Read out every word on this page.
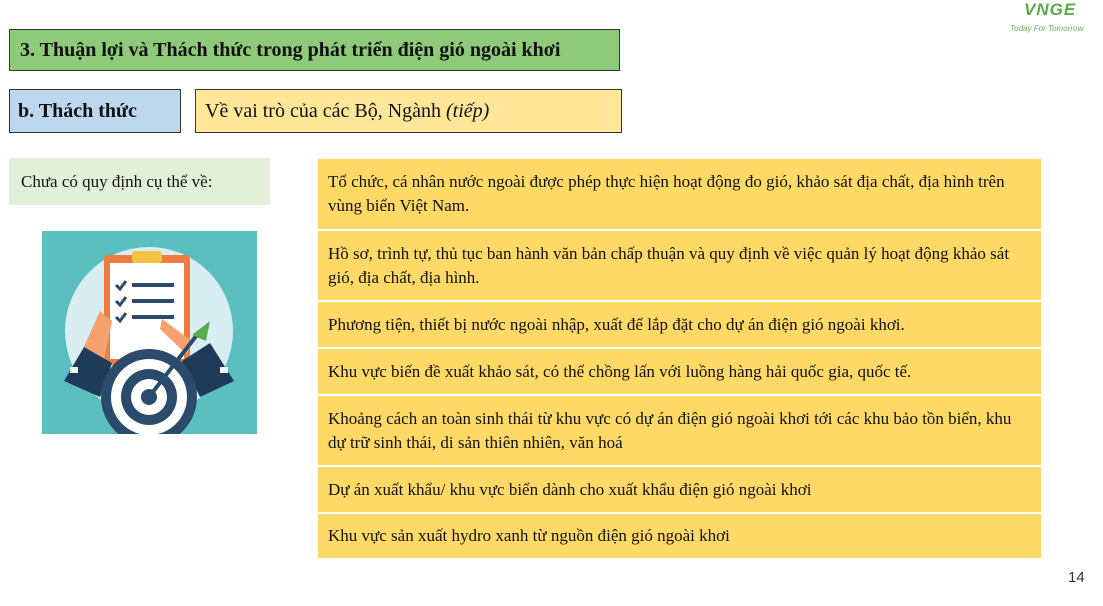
VNGE
Today For Tomorrow
3. Thuận lợi và Thách thức trong phát triển điện gió ngoài khơi
b. Thách thức	Về vai trò của các Bộ, Ngành (tiếp)
Chưa có quy định cụ thể về:	Tổ chức, cá nhân nước ngoài được phép thực hiện hoạt động đo gió, khảo sát địa chất, địa hình trên vùng biển Việt Nam.
Hồ sơ, trình tự, thủ tục ban hành văn bản chấp thuận và quy định về việc quản lý hoạt động khảo sát gió, địa chất, địa hình.
Phương tiện, thiết bị nước ngoài nhập, xuất để lắp đặt cho dự án điện gió ngoài khơi.
Khu vực biển đề xuất khảo sát, có thể chồng lấn với luồng hàng hải quốc gia, quốc tế.
Khoảng cách an toàn sinh thái từ khu vực có dự án điện gió ngoài khơi tới các khu bảo tồn biển, khu dự trữ sinh thái, di sản thiên nhiên, văn hoá
Dự án xuất khẩu/ khu vực biển dành cho xuất khẩu điện gió ngoài khơi
Khu vực sản xuất hydro xanh từ nguồn điện gió ngoài khơi
14
